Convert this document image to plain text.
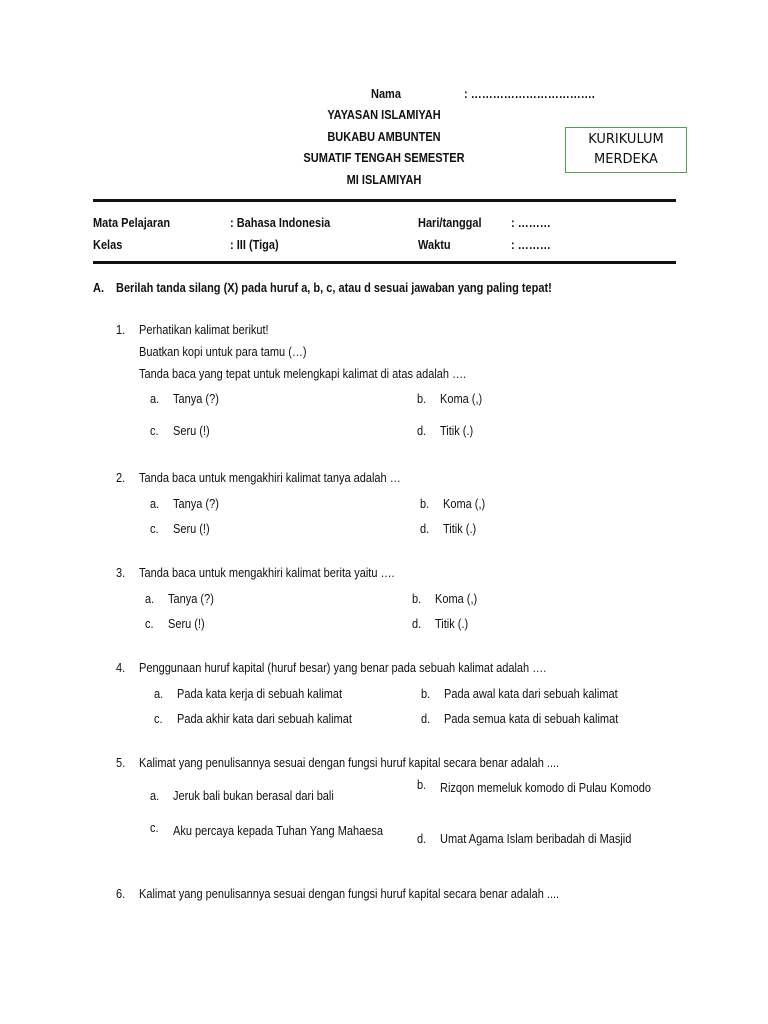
Nama	: …………………………….
YAYASAN ISLAMIYAH
BUKABU AMBUNTEN
SUMATIF TENGAH SEMESTER
MI ISLAMIYAH
KURIKULUM
MERDEKA
Mata Pelajaran	: Bahasa Indonesia	Hari/tanggal : ………
Kelas	: III (Tiga)	Waktu	: ………
A. Berilah tanda silang (X) pada huruf a, b, c, atau d sesuai jawaban yang paling tepat!
1. Perhatikan kalimat berikut!
Buatkan kopi untuk para tamu (…)
Tanda baca yang tepat untuk melengkapi kalimat di atas adalah ….
a. Tanya (?)	b. Koma (,)
c. Seru (!)	d. Titik (.)
2. Tanda baca untuk mengakhiri kalimat tanya adalah …
a. Tanya (?)	b. Koma (,)
c. Seru (!)	d. Titik (.)
3. Tanda baca untuk mengakhiri kalimat berita yaitu ….
a. Tanya (?)	b. Koma (,)
c. Seru (!)	d. Titik (.)
4. Penggunaan huruf kapital (huruf besar) yang benar pada sebuah kalimat adalah ….
a. Pada kata kerja di sebuah kalimat	b. Pada awal kata dari sebuah kalimat
c. Pada akhir kata dari sebuah kalimat	d. Pada semua kata di sebuah kalimat
5. Kalimat yang penulisannya sesuai dengan fungsi huruf kapital secara benar adalah ....
a. Jeruk bali bukan berasal dari bali
b. Rizqon memeluk komodo di Pulau Komodo
c. Aku percaya kepada Tuhan Yang Mahaesa
d. Umat Agama Islam beribadah di Masjid
6. Kalimat yang penulisannya sesuai dengan fungsi huruf kapital secara benar adalah ....
